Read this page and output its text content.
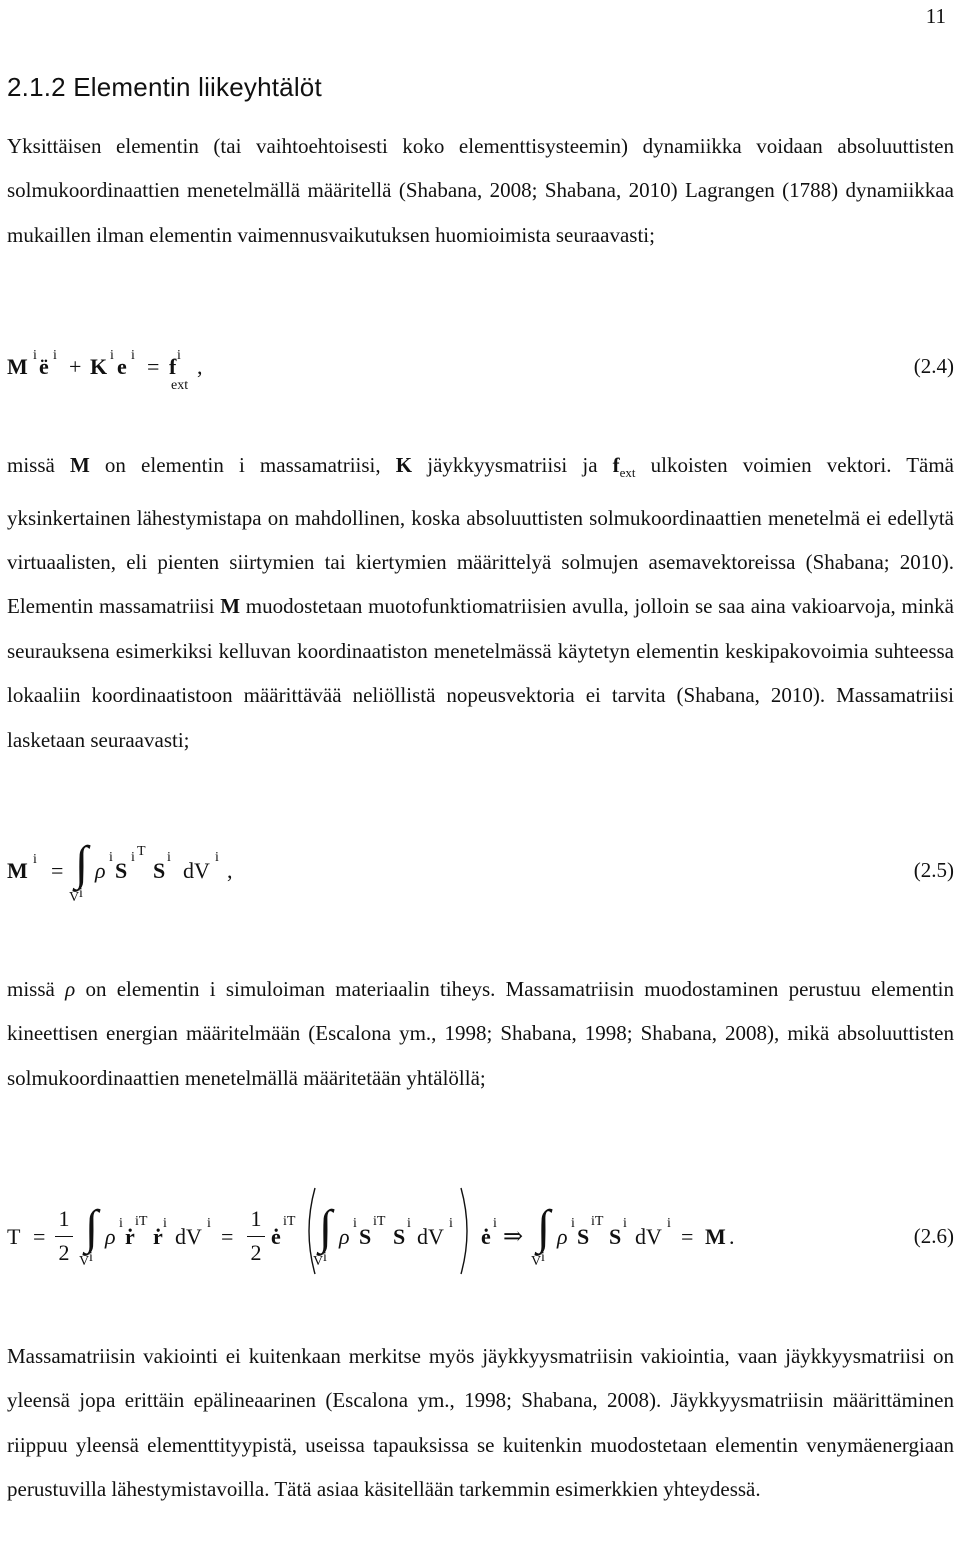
11
2.1.2 Elementin liikeyhtälöt

Yksittäisen elementin (tai vaihtoehtoisesti koko elementtisysteemin) dynamiikka voidaan absoluuttisten solmukoordinaattien menetelmällä määritellä (Shabana, 2008; Shabana, 2010) Lagrangen (1788) dynamiikkaa mukaillen ilman elementin vaimennusvaikutuksen huomioimista seuraavasti;

M i ë i + K i e i = f i
ext
,	(2.4)

missä M on elementin i massamatriisi, K jäykkyysmatriisi ja $f_{ext}$ ulkoisten voimien vektori. Tämä yksinkertainen lähestymistapa on mahdollinen, koska absoluuttisten solmukoordinaattien menetelmä ei edellytä virtuaalisten, eli pienten siirtymien tai kiertymien määrittelyä solmujen asemavektoreissa (Shabana; 2010). Elementin massamatriisi M muodostetaan muotofunktiomatriisien avulla, jolloin se saa aina vakioarvoja, minkä seurauksena esimerkiksi kelluvan koordinaatiston menetelmässä käytetyn elementin keskipakovoimia suhteessa lokaaliin koordinaatistoon määrittävää neliöllistä nopeusvektoria ei tarvita (Shabana, 2010). Massamatriisi lasketaan seuraavasti;

M i = ∫
V i
ρ
i
S
i T
S
i
dV
i
,	(2.5)

missä ρ on elementin i simuloiman materiaalin tiheys. Massamatriisin muodostaminen perustuu elementin kineettisen energian määritelmään (Escalona ym., 1998; Shabana, 1998; Shabana, 2008), mikä absoluuttisten solmukoordinaattien menetelmällä määritetään yhtälöllä;

T =
1
2 ∫
V i
ρ
i
ṙ
iT
ṙ
i
dV
i
=
1
2
ė
iT ∫
V i
ρ
i
S
iT
S
i
dV
i
ė
i
⇒ ∫
V i
ρ
i
S
iT
S
i
dV
i
= M .	(2.6)

Massamatriisin vakiointi ei kuitenkaan merkitse myös jäykkyysmatriisin vakiointia, vaan jäykkyysmatriisi on yleensä jopa erittäin epälineaarinen (Escalona ym., 1998; Shabana, 2008). Jäykkyysmatriisin määrittäminen riippuu yleensä elementtityypistä, useissa tapauksissa se kuitenkin muodostetaan elementin venymäenergiaan perustuvilla lähestymistavoilla. Tätä asiaa käsitellään tarkemmin esimerkkien yhteydessä.
